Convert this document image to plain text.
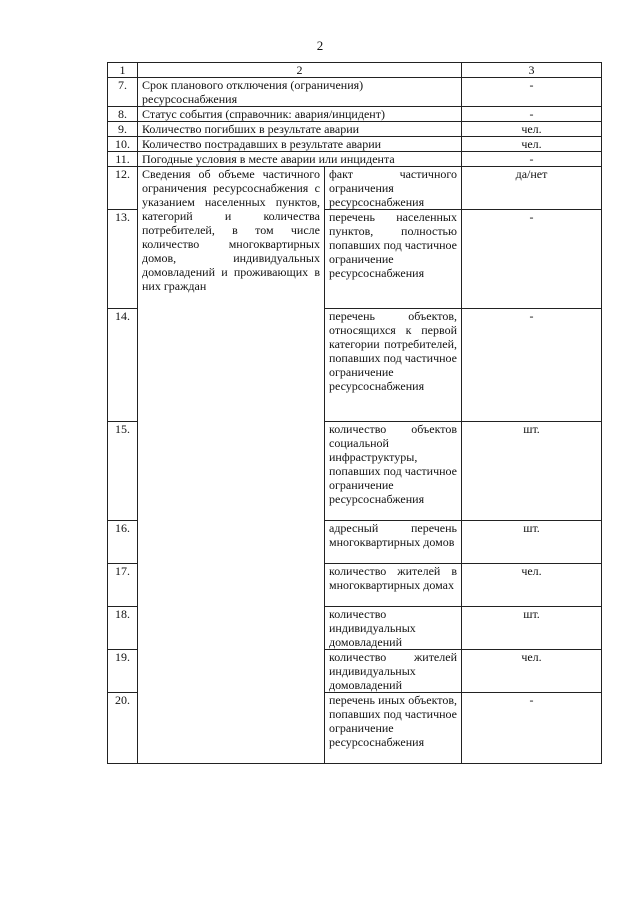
2
1	2		3
7.	Срок планового отключения (ограничения) ресурсоснабжения		-
8.	Статус события (справочник: авария/инцидент)		-
9.	Количество погибших в результате аварии		чел.
10.	Количество пострадавших в результате аварии		чел.
11.	Погодные условия в месте аварии или инцидента		-
12.	Сведения об объеме частичного ограничения ресурсоснабжения с указанием населенных пунктов, категорий и количества потребителей, в том числе количество многоквартирных домов, индивидуальных домовладений и проживающих в них граждан	факт частичного ограничения ресурсоснабжения	да/нет
13.		перечень населенных пунктов, полностью попавших под частичное ограничение ресурсоснабжения	-
14.		перечень объектов, относящихся к первой категории потребителей, попавших под частичное ограничение ресурсоснабжения	-
15.		количество объектов социальной инфраструктуры, попавших под частичное ограничение ресурсоснабжения	шт.
16.		адресный перечень многоквартирных домов	шт.
17.		количество жителей в многоквартирных домах	чел.
18.		количество индивидуальных домовладений	шт.
19.		количество жителей индивидуальных домовладений	чел.
20.		перечень иных объектов, попавших под частичное ограничение ресурсоснабжения	-
